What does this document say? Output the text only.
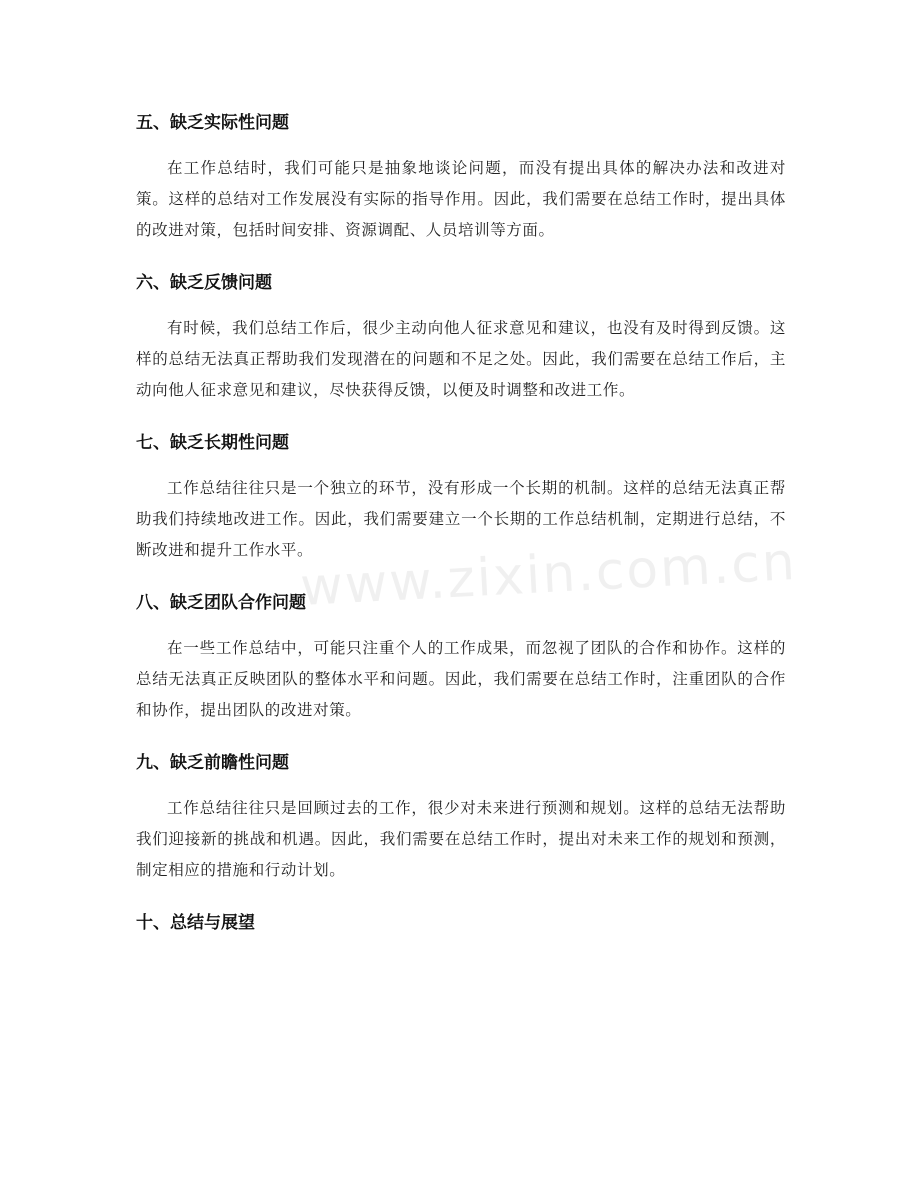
www.zixin.com.cn
五、缺乏实际性问题

在工作总结时，我们可能只是抽象地谈论问题，而没有提出具体的解决办法和改进对策。这样的总结对工作发展没有实际的指导作用。因此，我们需要在总结工作时，提出具体的改进对策，包括时间安排、资源调配、人员培训等方面。

六、缺乏反馈问题

有时候，我们总结工作后，很少主动向他人征求意见和建议，也没有及时得到反馈。这样的总结无法真正帮助我们发现潜在的问题和不足之处。因此，我们需要在总结工作后，主动向他人征求意见和建议，尽快获得反馈，以便及时调整和改进工作。

七、缺乏长期性问题

工作总结往往只是一个独立的环节，没有形成一个长期的机制。这样的总结无法真正帮助我们持续地改进工作。因此，我们需要建立一个长期的工作总结机制，定期进行总结，不断改进和提升工作水平。

八、缺乏团队合作问题

在一些工作总结中，可能只注重个人的工作成果，而忽视了团队的合作和协作。这样的总结无法真正反映团队的整体水平和问题。因此，我们需要在总结工作时，注重团队的合作和协作，提出团队的改进对策。

九、缺乏前瞻性问题

工作总结往往只是回顾过去的工作，很少对未来进行预测和规划。这样的总结无法帮助我们迎接新的挑战和机遇。因此，我们需要在总结工作时，提出对未来工作的规划和预测，制定相应的措施和行动计划。

十、总结与展望
